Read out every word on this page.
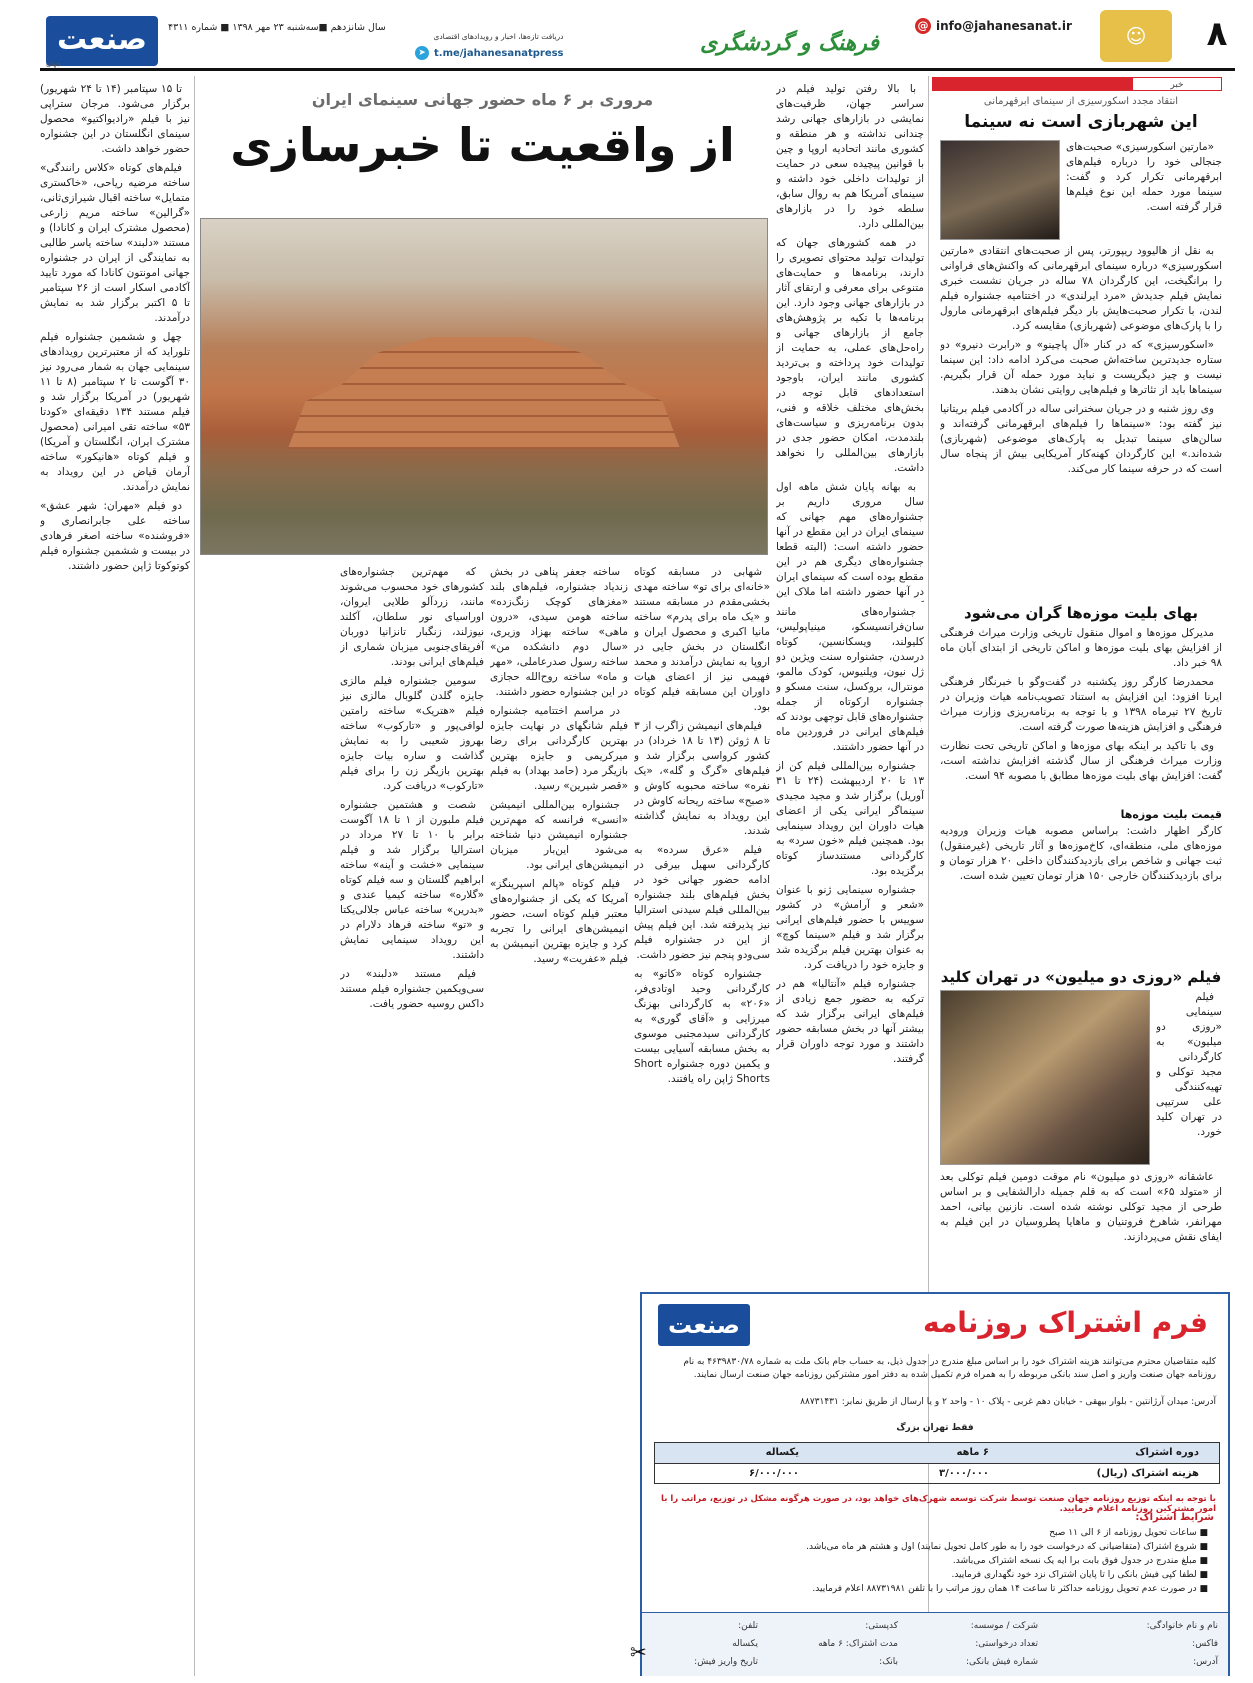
۸
☺
@ info@jahanesanat.ir
فرهنگ و گردشگری
➤ t.me/jahanesanatpress
دریافت تازه‌ها، اخبار و رویدادهای اقتصادی
سال شانزدهم ■سه‌شنبه ۲۳ مهر ۱۳۹۸ ■ شماره ۴۳۱۱
صنعت
جهان
مروری بر ۶ ماه حضور جهانی سینمای ایران
از واقعیت تا خبرسازی

با بالا رفتن تولید فیلم در سراسر جهان، ظرفیت‌های نمایشی در بازارهای جهانی رشد چندانی نداشته و هر منطقه و کشوری مانند اتحادیه اروپا و چین با قوانین پیچیده سعی در حمایت از تولیدات داخلی خود داشته و سینمای آمریکا هم به روال سابق، سلطه خود را در بازارهای بین‌المللی دارد.

در همه کشورهای جهان که تولیدات تولید محتوای تصویری را دارند، برنامه‌ها و حمایت‌های متنوعی برای معرفی و ارتقای آثار در بازارهای جهانی وجود دارد. این برنامه‌ها با تکیه بر پژوهش‌های جامع از بازارهای جهانی و راه‌حل‌های عملی، به حمایت از تولیدات خود پرداخته و بی‌تردید کشوری مانند ایران، باوجود استعدادهای قابل توجه در بخش‌های مختلف خلاقه و فنی، بدون برنامه‌ریزی و سیاست‌های بلندمدت، امکان حضور جدی در بازارهای بین‌المللی را نخواهد داشت.

به بهانه پایان شش ماهه اول سال مروری داریم بر جشنواره‌های مهم جهانی که سینمای ایران در این مقطع در آنها حضور داشته است: (البته قطعا جشنواره‌های دیگری هم در این مقطع بوده است که سینمای ایران در آنها حضور داشته اما ملاک این

تا ۱۵ سپتامبر (۱۴ تا ۲۴ شهریور) برگزار می‌شود. مرجان ستراپی نیز با فیلم «رادیواکتیو» محصول سینمای انگلستان در این جشنواره حضور خواهد داشت.

فیلم‌های کوتاه «کلاس رانندگی» ساخته مرضیه ریاحی، «خاکستری متمایل» ساخته اقبال شیرازی‌ثانی، «گرالین» ساخته مریم زارعی (محصول مشترک ایران و کانادا) و مستند «دلبند» ساخته یاسر طالبی به نمایندگی از ایران در جشنواره جهانی امونتون کانادا که مورد تایید آکادمی اسکار است از ۲۶ سپتامبر تا ۵ اکتبر برگزار شد به نمایش درآمدند.

چهل و ششمین جشنواره فیلم تلوراید که از معتبرترین رویدادهای سینمایی جهان به شمار می‌رود نیز ۳۰ آگوست تا ۲ سپتامبر (۸ تا ۱۱ شهریور) در آمریکا برگزار شد و فیلم مستند ۱۳۴ دقیقه‌ای «کودتا ۵۳» ساخته تقی امیرانی (محصول مشترک ایران، انگلستان و آمریکا) و فیلم کوتاه «هانیکور» ساخته آرمان قیاض در این رویداد به نمایش درآمدند.

دو فیلم «مهران: شهر عشق» ساخته علی جابرانصاری و «فروشنده» ساخته اصغر فرهادی در بیست و ششمین جشنواره فیلم کوتوکوتا ژاپن حضور داشتند.

جشنواره‌های مانند سان‌فرانسیسکو، مینیاپولیس، کلیولند، ویسکانسین، کوتاه درسدن، جشنواره سنت ویژین دو ژل نیون، ویلنیوس، کودک مالمو، مونترال، بروکسل، سنت مسکو و جشنواره ارکوتاه از جمله جشنواره‌های قابل توجهی بودند که فیلم‌های ایرانی در فروردین ماه در آنها حضور داشتند.

جشنواره بین‌المللی فیلم کن از ۱۳ تا ۲۰ اردیبهشت (۲۴ تا ۳۱ آوریل) برگزار شد و مجید مجیدی سینماگر ایرانی یکی از اعضای هیات داوران این رویداد سینمایی بود. همچنین فیلم «خون سرد» به کارگردانی مستندساز کوتاه برگزیده بود.

جشنواره سینمایی ژنو با عنوان «شعر و آرامش» در کشور سوییس با حضور فیلم‌های ایرانی برگزار شد و فیلم «سینما کوچ» به عنوان بهترین فیلم برگزیده شد و جایزه خود را دریافت کرد.

جشنواره فیلم «آنتالیا» هم در ترکیه به حضور جمع زیادی از فیلم‌های ایرانی برگزار شد که بیشتر آنها در بخش مسابقه حضور داشتند و مورد توجه داوران قرار گرفتند.

شهابی در مسابقه کوتاه «خانه‌ای برای تو» ساخته مهدی بخشی‌مقدم در مسابقه مستند و «یک ماه برای پدرم» ساخته مانیا اکبری و محصول ایران و انگلستان در بخش جایی در اروپا به نمایش درآمدند و محمد فهیمی نیز از اعضای هیات داوران این مسابقه فیلم کوتاه بود.

فیلم‌های انیمیشن زاگرب از ۳ تا ۸ ژوئن (۱۳ تا ۱۸ خرداد) در کشور کرواسی برگزار شد و فیلم‌های «گرگ و گله»، «یک نفره» ساخته محبوبه کاوش و «صبح» ساخته ریحانه کاوش در این رویداد به نمایش گذاشته شدند.

فیلم «عرق سرده» به کارگردانی سهیل بیرقی در ادامه حضور جهانی خود در بخش فیلم‌های بلند جشنواره بین‌المللی فیلم سیدنی استرالیا نیز پذیرفته شد. این فیلم پیش از این در جشنواره فیلم سی‌ودو پنجم نیز حضور داشت.

جشنواره کوتاه «کاتو» به کارگردانی وحید اوتادی‌فر، «۲۰۶» به کارگردانی بهزنگ میرزایی و «آقای گوری» به کارگردانی سیدمجتبی موسوی به بخش مسابقه آسیایی بیست و یکمین دوره جشنواره Short Shorts ژاپن راه یافتند.

ساخته جعفر پناهی در بخش زندیاد جشنواره، فیلم‌های بلند «مغزهای کوچک زنگ‌زده» ساخته هومن سیدی، «درون ماهی» ساخته بهزاد وزیری، «سال دوم دانشکده من» ساخته رسول صدرعاملی، «مهر و ماه» ساخته روح‌الله حجازی در این جشنواره حضور داشتند.

در مراسم اختتامیه جشنواره فیلم شانگهای در نهایت جایزه بهترین کارگردانی برای رضا میرکریمی و جایزه بهترین بازیگر مرد (حامد بهداد) به فیلم «قصر شیرین» رسید.

جشنواره بین‌المللی انیمیشن «انسی» فرانسه که مهم‌ترین جشنواره انیمیشن دنیا شناخته می‌شود این‌بار میزبان انیمیشن‌های ایرانی بود.

فیلم کوتاه «پالم اسپرینگز» آمریکا که یکی از جشنواره‌های معتبر فیلم کوتاه است، حضور انیمیشن‌های ایرانی را تجربه کرد و جایزه بهترین انیمیشن به فیلم «عفریت» رسید.

که مهم‌ترین جشنواره‌های کشورهای خود محسوب می‌شوند مانند، زردآلو طلایی ایروان، اوراسیای نور سلطان، آکلند نیوزلند، زنگبار تانزانیا دوربان آفریقای‌جنوبی میزبان شماری از فیلم‌های ایرانی بودند.

سومین جشنواره فیلم مالزی جایزه گلدن گلوبال مالزی نیز فیلم «هتریک» ساخته رامتین لوافی‌پور و «تارکوب» ساخته بهروز شعیبی را به نمایش گذاشت و ساره بیات جایزه بهترین بازیگر زن را برای فیلم «تارکوب» دریافت کرد.

شصت و هشتمین جشنواره فیلم ملبورن از ۱ تا ۱۸ آگوست برابر با ۱۰ تا ۲۷ مرداد در استرالیا برگزار شد و فیلم سینمایی «خشت و آینه» ساخته ابراهیم گلستان و سه فیلم کوتاه «گلاره» ساخته کیمیا عندی و «بدرین» ساخته عباس جلالی‌یکتا و «تو» ساخته فرهاد دلارام در این رویداد سینمایی نمایش داشتند.

فیلم مستند «دلبند» در سی‌ویکمین جشنواره فیلم مستند داکس روسیه حضور یافت.

خبر
انتقاد مجدد اسکورسیزی از سینمای ابرقهرمانی
این شهربازی است نه سینما

«مارتین اسکورسیزی» صحبت‌های جنجالی خود را درباره فیلم‌های ابرقهرمانی تکرار کرد و گفت: سینما مورد حمله این نوع فیلم‌ها قرار گرفته است.

به نقل از هالیوود ریپورتر، پس از صحبت‌های انتقادی «مارتین اسکورسیزی» درباره سینمای ابرقهرمانی که واکنش‌های فراوانی را برانگیخت، این کارگردان ۷۸ ساله در جریان نشست خبری نمایش فیلم جدیدش «مرد ایرلندی» در اختتامیه جشنواره فیلم لندن، با تکرار صحبت‌هایش بار دیگر فیلم‌های ابرقهرمانی مارول را با پارک‌های موضوعی (شهربازی) مقایسه کرد.

«اسکورسیزی» که در کنار «آل پاچینو» و «رابرت دنیرو» دو ستاره جدیدترین ساخته‌اش صحبت می‌کرد ادامه داد: این سینما نیست و چیز دیگریست و نباید مورد حمله آن قرار بگیریم. سینماها باید از تئاترها و فیلم‌هایی روایتی نشان بدهند.

وی روز شنبه و در جریان سخنرانی ساله در آکادمی فیلم بریتانیا نیز گفته بود: «سینماها را فیلم‌های ابرقهرمانی گرفته‌اند و سالن‌های سینما تبدیل به پارک‌های موضوعی (شهربازی) شده‌اند.» این کارگردان کهنه‌کار آمریکایی بیش از پنجاه سال است که در حرفه سینما کار می‌کند.

بهای بلیت موزه‌ها گران می‌شود

مدیرکل موزه‌ها و اموال منقول تاریخی وزارت میراث فرهنگی از افزایش بهای بلیت موزه‌ها و اماکن تاریخی از ابتدای آبان ماه ۹۸ خبر داد.

محمدرضا کارگر روز یکشنبه در گفت‌وگو با خبرنگار فرهنگی ایرنا افزود: این افزایش به استناد تصویب‌نامه هیات وزیران در تاریخ ۲۷ تیرماه ۱۳۹۸ و با توجه به برنامه‌ریزی وزارت میراث فرهنگی و افزایش هزینه‌ها صورت گرفته است.

وی با تاکید بر اینکه بهای موزه‌ها و اماکن تاریخی تحت نظارت وزارت میراث فرهنگی از سال گذشته افزایش نداشته است، گفت: افزایش بهای بلیت موزه‌ها مطابق با مصوبه ۹۴ است.

قیمت بلیت موزه‌ها
کارگر اظهار داشت: براساس مصوبه هیات وزیران ورودیه موزه‌های ملی، منطقه‌ای، کاخ‌موزه‌ها و آثار تاریخی (غیرمنقول) ثبت جهانی و شاخص برای بازدیدکنندگان داخلی ۲۰ هزار تومان و برای بازدیدکنندگان خارجی ۱۵۰ هزار تومان تعیین شده است.
فیلم «روزی دو میلیون» در تهران کلید

فیلم سینمایی «روزی دو میلیون» به کارگردانی مجید توکلی و تهیه‌کنندگی علی سرتیپی در تهران کلید خورد.

عاشقانه «روزی دو میلیون» نام موقت دومین فیلم توکلی بعد از «متولد ۶۵» است که به قلم جمیله دارالشفایی و بر اساس طرحی از مجید توکلی نوشته شده است. نازنین بیاتی، احمد مهرانفر، شاهرخ فروتنیان و ماهایا پطروسیان در این فیلم به ایفای نقش می‌پردازند.

فرم اشتراک روزنامه
صنعت
کلیه متقاضیان محترم می‌توانند هزینه اشتراک خود را بر اساس مبلغ مندرج در جدول ذیل، به حساب جام بانک ملت به شماره ۴۶۳۹۸۳۰/۷۸ به نام روزنامه جهان صنعت واریز و اصل سند بانکی مربوطه را به همراه فرم تکمیل شده به دفتر امور مشترکین روزنامه جهان صنعت ارسال نمایند.
آدرس: میدان آرژانتین - بلوار بیهقی - خیابان دهم غربی - پلاک ۱۰ - واحد ۲ و یا ارسال از طریق نمابر: ۸۸۷۳۱۴۳۱
فقط تهران بزرگ
دوره اشتراک
۶ ماهه
یکساله
هزینه اشتراک (ریال)
۳/۰۰۰/۰۰۰
۶/۰۰۰/۰۰۰
با توجه به اینکه توزیع روزنامه جهان صنعت توسط شرکت توسعه شهرک‌های خواهد بود، در صورت هرگونه مشکل در توزیع، مراتب را با امور مشترکین روزنامه اعلام فرمایید.
شرایط اشتراک:
■ ساعات تحویل روزنامه از ۶ الی ۱۱ صبح
■ شروع اشتراک (متقاضیانی که درخواست خود را به طور کامل تحویل نمایند) اول و هشتم هر ماه می‌باشد.
■ مبلغ مندرج در جدول فوق بابت برا ایه یک نسخه اشتراک می‌باشد.
■ لطفا کپی فیش بانکی را تا پایان اشتراک نزد خود نگهداری فرمایید.
■ در صورت عدم تحویل روزنامه حداکثر تا ساعت ۱۴ همان روز مراتب را با تلفن ۸۸۷۳۱۹۸۱ اعلام فرمایید.
نام و نام خانوادگی:
شرکت / موسسه:
کدپستی:
تلفن:
فاکس:
تعداد درخواستی:
مدت اشتراک: ۶ ماهه
یکساله
آدرس:
شماره فیش بانکی:
بانک:
تاریخ واریز فیش:
✂
